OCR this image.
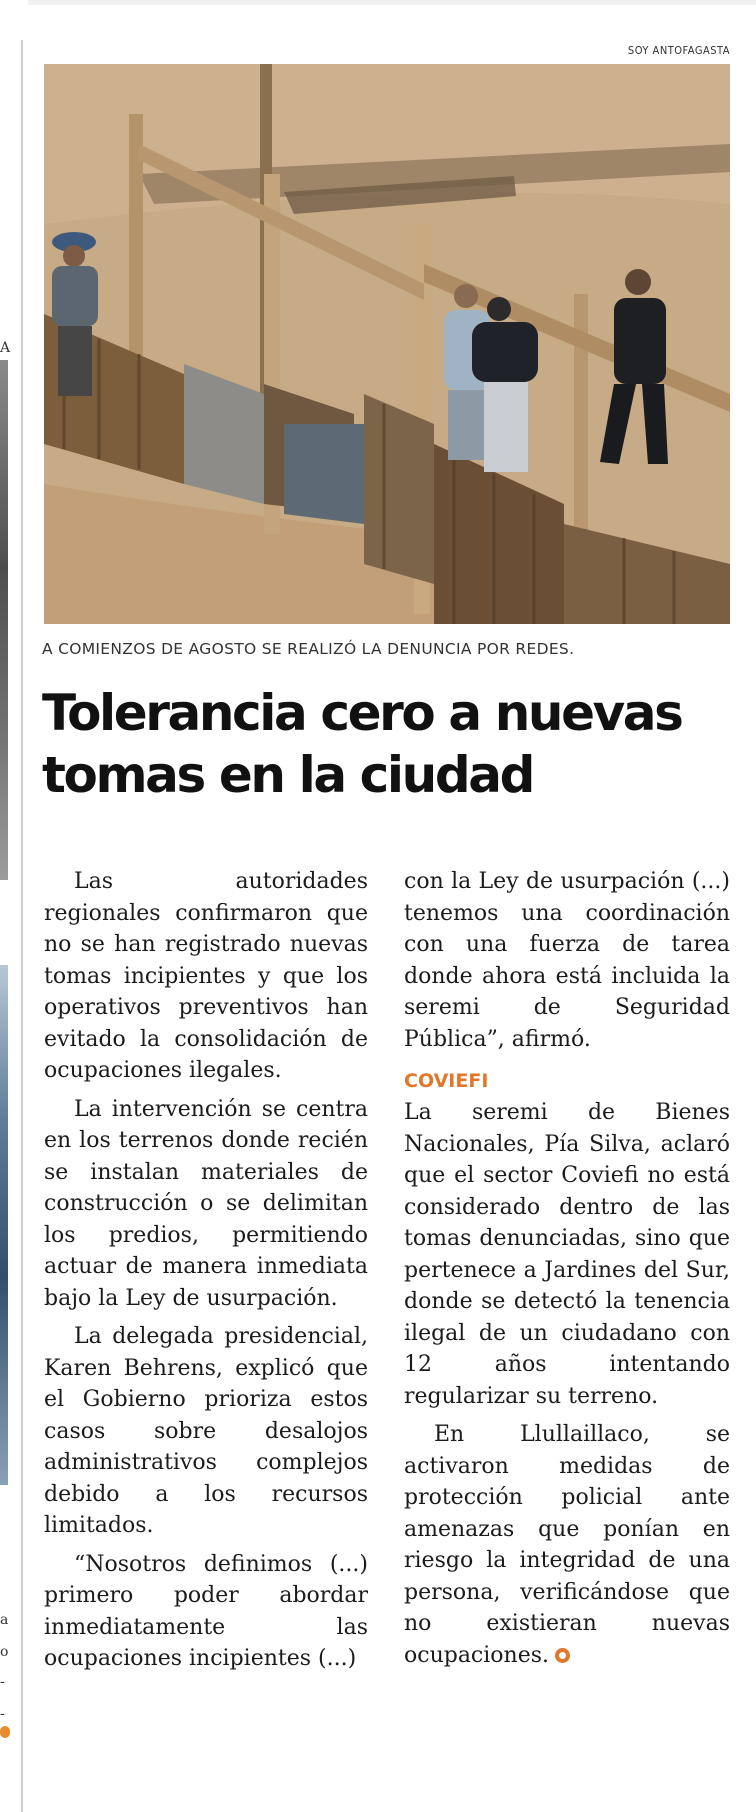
A
a
o
-
-
SOY ANTOFAGASTA
A COMIENZOS DE AGOSTO SE REALIZÓ LA DENUNCIA POR REDES.
Tolerancia cero a nuevas
tomas en la ciudad

Las autoridades regionales confirmaron que no se han registrado nuevas tomas incipientes y que los operativos preventivos han evitado la consolidación de ocupaciones ilegales.

La intervención se centra en los terrenos donde recién se instalan materiales de construcción o se delimitan los predios, permitiendo actuar de manera inmediata bajo la Ley de usurpación.

La delegada presidencial, Karen Behrens, explicó que el Gobierno prioriza estos casos sobre desalojos administrativos complejos debido a los recursos limitados.

“Nosotros definimos (...) primero poder abordar inmediatamente las ocupaciones incipientes (...)

con la Ley de usurpación (...) tenemos una coordinación con una fuerza de tarea donde ahora está incluida la seremi de Seguridad Pública”, afirmó.

COVIEFI

La seremi de Bienes Nacionales, Pía Silva, aclaró que el sector Coviefi no está considerado dentro de las tomas denunciadas, sino que pertenece a Jardines del Sur, donde se detectó la tenencia ilegal de un ciudadano con 12 años intentando regularizar su terreno.

En Llullaillaco, se activaron medidas de protección policial ante amenazas que ponían en riesgo la integridad de una persona, verificándose que no existieran nuevas ocupaciones.
